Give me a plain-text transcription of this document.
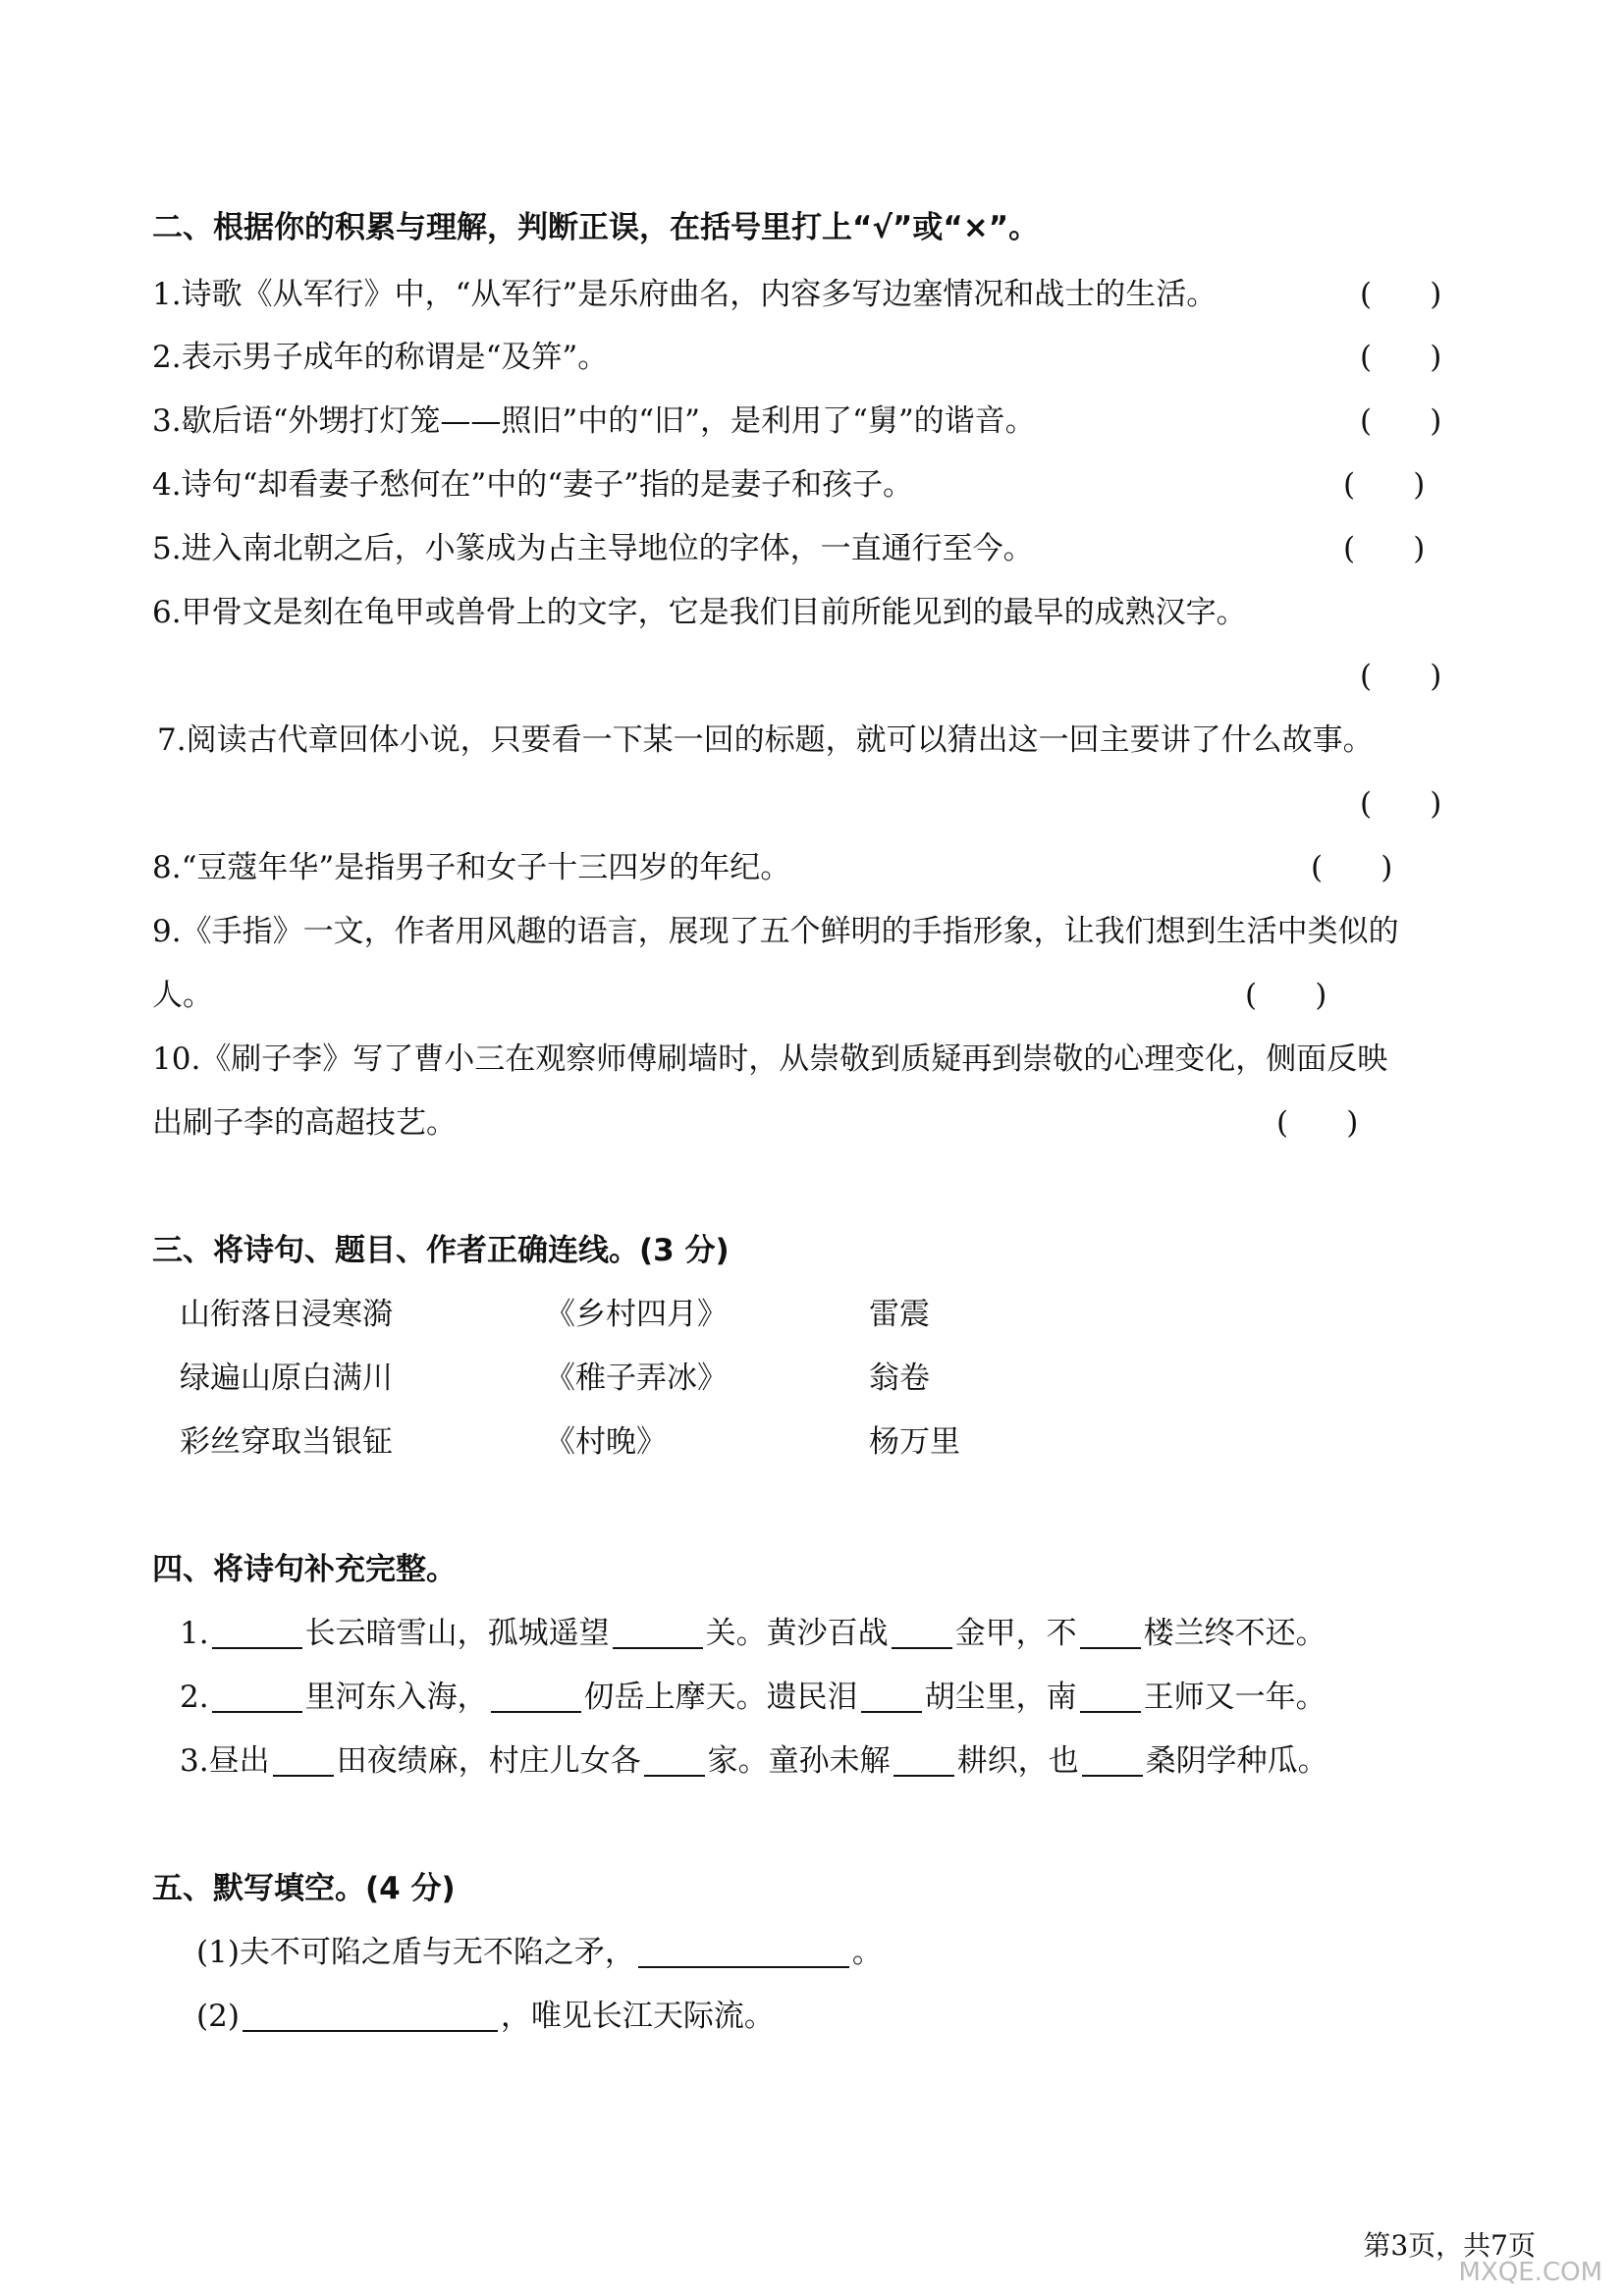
二、根据你的积累与理解，判断正误，在括号里打上“√”或“×”。
1.诗歌《从军行》中，“从军行”是乐府曲名，内容多写边塞情况和战士的生活。	(      )
2.表示男子成年的称谓是“及笄”。	(      )
3.歇后语“外甥打灯笼——照旧”中的“旧”，是利用了“舅”的谐音。	(      )
4.诗句“却看妻子愁何在”中的“妻子”指的是妻子和孩子。	(      )
5.进入南北朝之后，小篆成为占主导地位的字体，一直通行至今。	(      )
6.甲骨文是刻在龟甲或兽骨上的文字，它是我们目前所能见到的最早的成熟汉字。
(      )
7.阅读古代章回体小说，只要看一下某一回的标题，就可以猜出这一回主要讲了什么故事。
(      )
8.“豆蔻年华”是指男子和女子十三四岁的年纪。	(      )
9.《手指》一文，作者用风趣的语言，展现了五个鲜明的手指形象，让我们想到生活中类似的
人。	(      )
10.《刷子李》写了曹小三在观察师傅刷墙时，从崇敬到质疑再到崇敬的心理变化，侧面反映
出刷子李的高超技艺。	(      )
三、将诗句、题目、作者正确连线。(3 分)
山衔落日浸寒漪	《乡村四月》	雷震
绿遍山原白满川	《稚子弄冰》	翁卷
彩丝穿取当银钲	《村晚》	杨万里
四、将诗句补充完整。
1.	长云暗雪山，孤城遥望	关。黄沙百战 金甲，不 楼兰终不还。
2.	里河东入海，	仞岳上摩天。遗民泪 胡尘里，南 王师又一年。
3.昼出 田夜绩麻，村庄儿女各 家。童孙未解 耕织，也 桑阴学种瓜。
五、默写填空。(4 分)
(1)夫不可陷之盾与无不陷之矛，	。
(2)	，唯见长江天际流。
第3页，共7页
MXQE.COM
